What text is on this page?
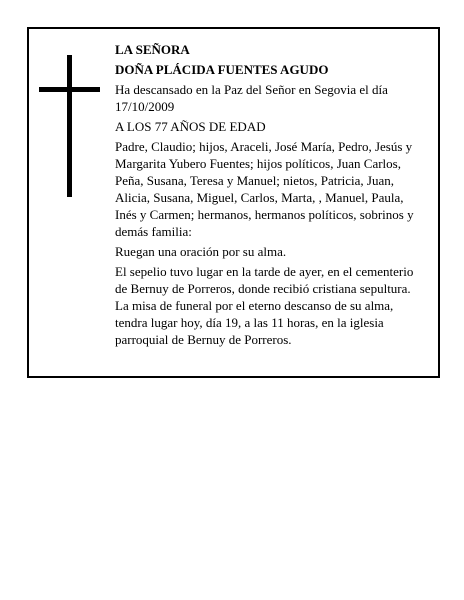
LA SEÑORA

DOÑA PLÁCIDA FUENTES AGUDO

Ha descansado en la Paz del Señor en Segovia el día 17/10/2009

A LOS 77 AÑOS DE EDAD

Padre, Claudio; hijos, Araceli, José María, Pedro, Jesús y Margarita Yubero Fuentes; hijos políticos, Juan Carlos, Peña, Susana, Teresa y Manuel; nietos, Patricia, Juan, Alicia, Susana, Miguel, Carlos, Marta, , Manuel, Paula, Inés y Carmen; hermanos, hermanos políticos, sobrinos y demás familia:

Ruegan una oración por su alma.

El sepelio tuvo lugar en la tarde de ayer, en el cementerio de Bernuy de Porreros, donde recibió cristiana sepultura. La misa de funeral por el eterno descanso de su alma, tendra lugar hoy, día 19, a las 11 horas, en la iglesia parroquial de Bernuy de Porreros.
